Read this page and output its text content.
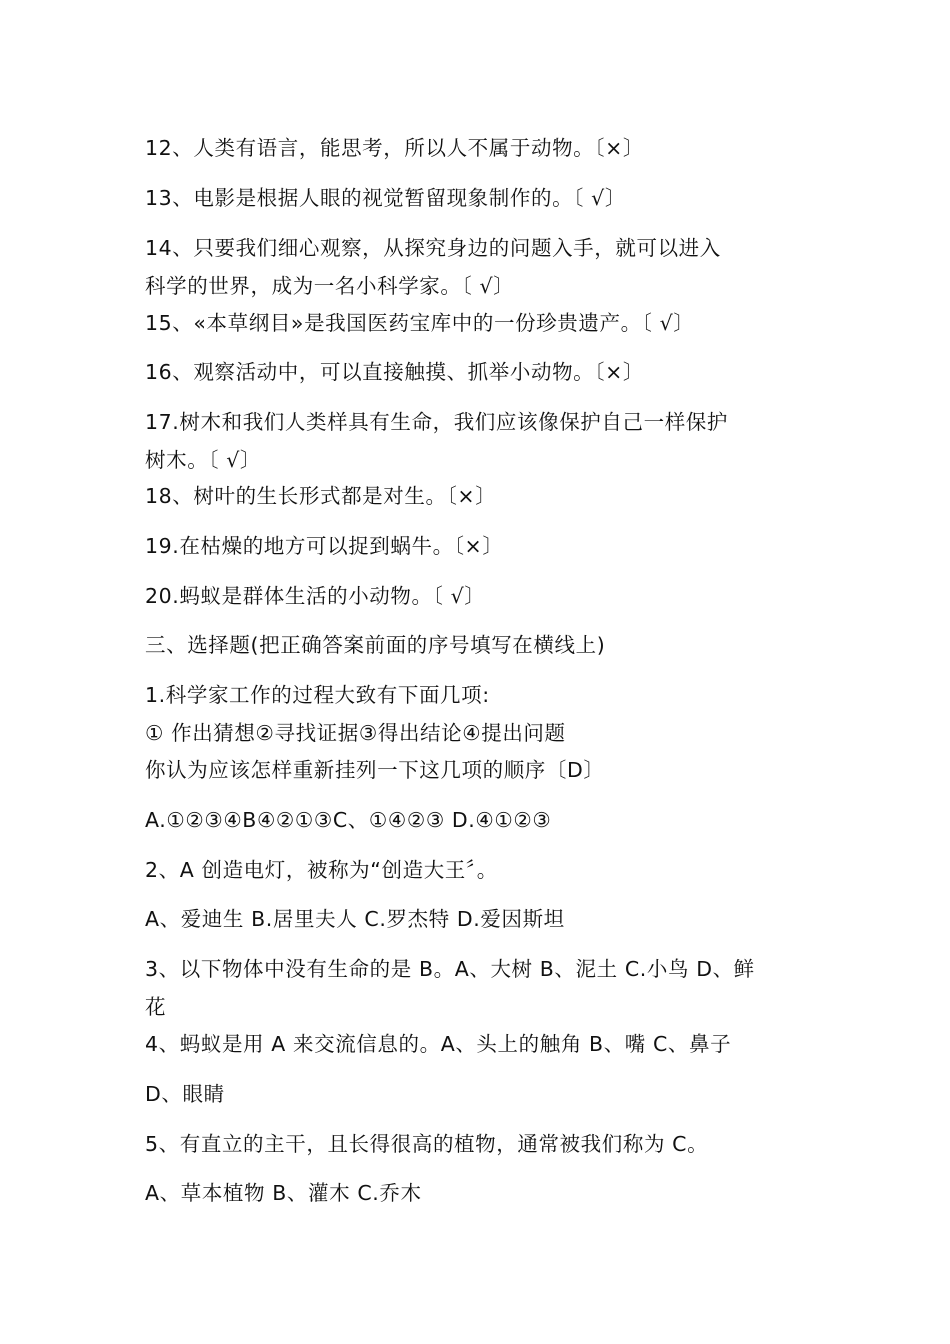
12、人类有语言，能思考，所以人不属于动物。〔×〕
13、电影是根据人眼的视觉暂留现象制作的。〔 √〕
14、只要我们细心观察，从探究身边的问题入手，就可以进入
科学的世界，成为一名小科学家。〔 √〕
15、«本草纲目»是我国医药宝库中的一份珍贵遗产。〔 √〕
16、观察活动中，可以直接触摸、抓举小动物。〔×〕
17.树木和我们人类样具有生命，我们应该像保护自己一样保护
树木。〔 √〕
18、树叶的生长形式都是对生。〔×〕
19.在枯燥的地方可以捉到蜗牛。〔×〕
20.蚂蚁是群体生活的小动物。〔 √〕
三、选择题(把正确答案前面的序号填写在横线上)
1.科学家工作的过程大致有下面几项:
① 作出猜想②寻找证据③得出结论④提出问题
你认为应该怎样重新挂列一下这几项的顺序〔D〕
A.①②③④B④②①③C、①④②③ D.④①②③
2、A 创造电灯，被称为“创造大王〞。
A、爱迪生 B.居里夫人 C.罗杰特 D.爱因斯坦
3、以下物体中没有生命的是 B。A、大树 B、泥土 C.小鸟 D、鲜
花
4、蚂蚁是用 A 来交流信息的。A、头上的触角 B、嘴 C、鼻子
D、眼睛
5、有直立的主干，且长得很高的植物，通常被我们称为 C。
A、草本植物 B、灌木 C.乔木
